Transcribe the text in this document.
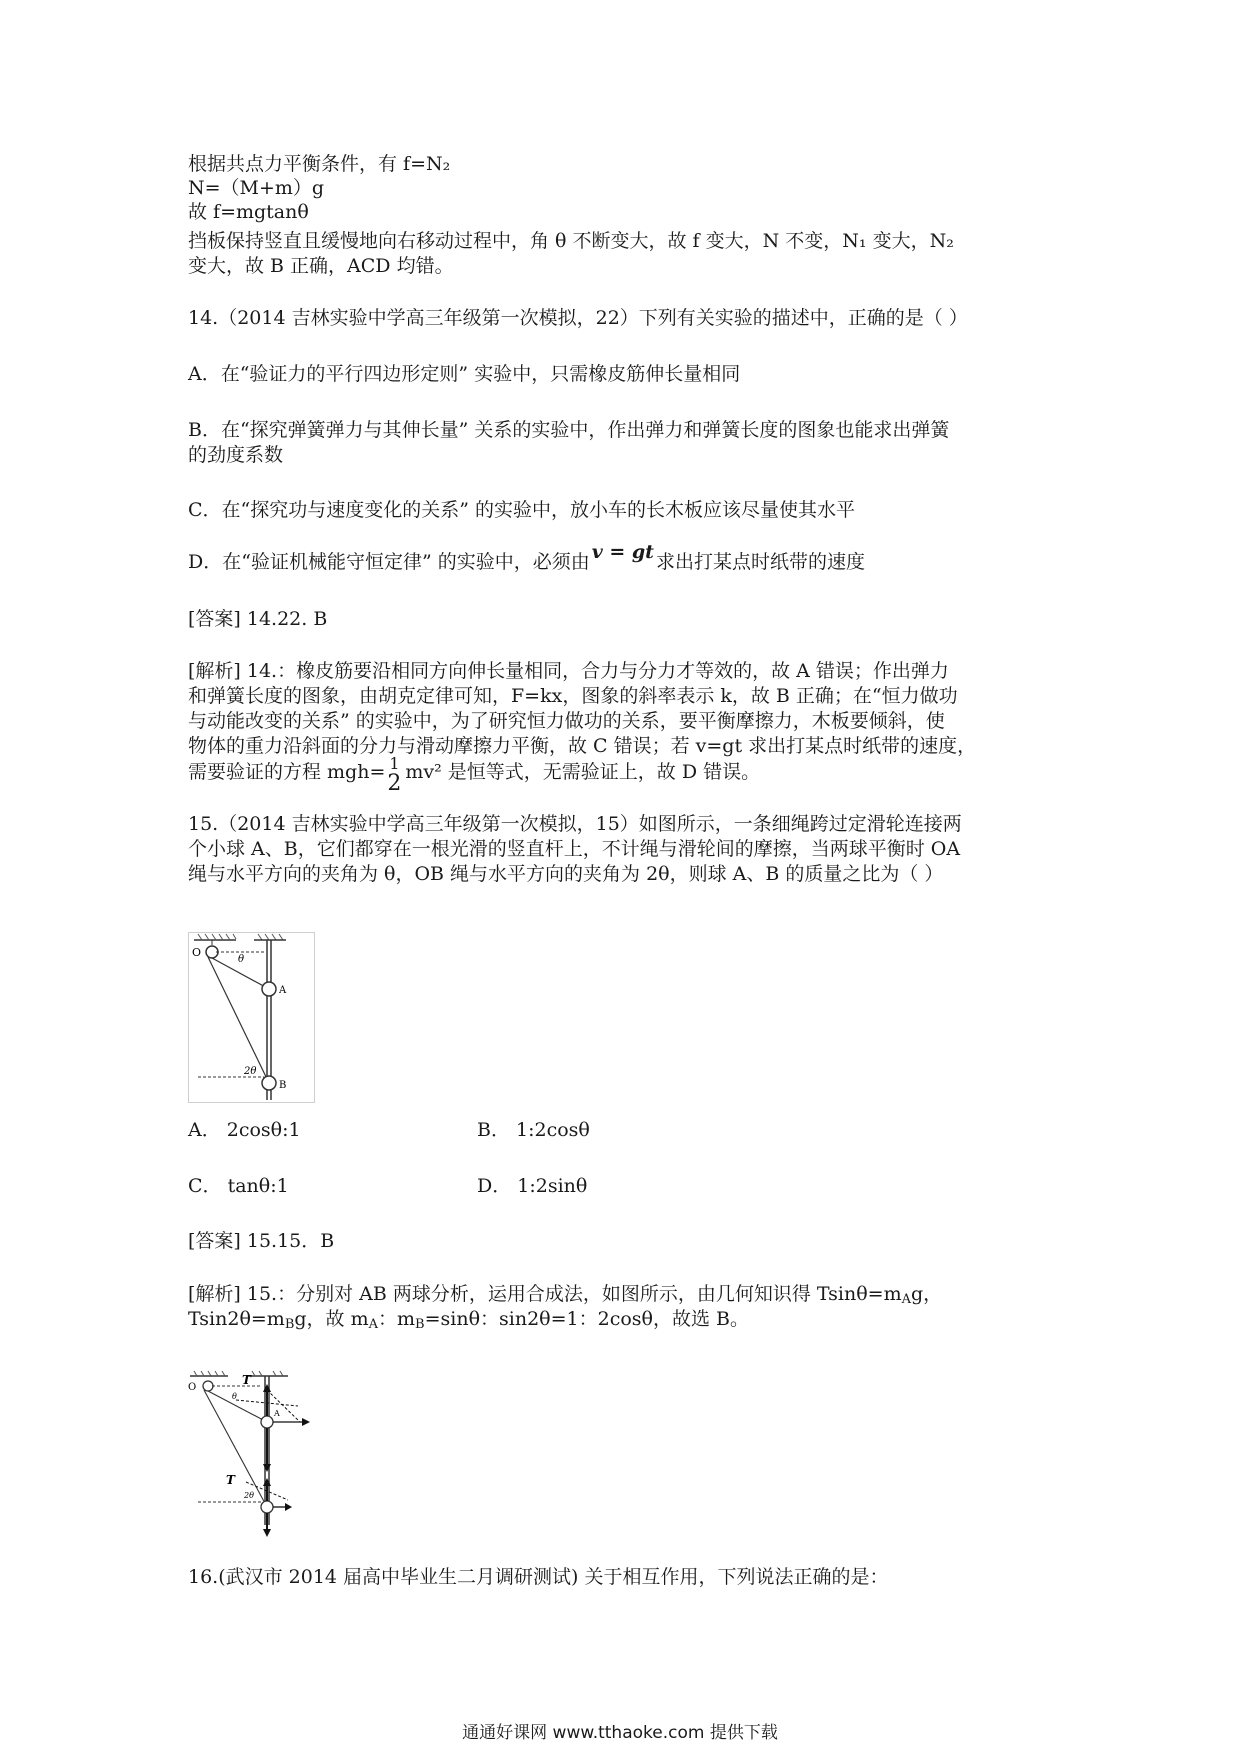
根据共点力平衡条件，有 f=N₂
N=（M+m）g
故 f=mgtanθ
挡板保持竖直且缓慢地向右移动过程中，角 θ 不断变大，故 f 变大，N 不变，N₁ 变大，N₂
变大，故 B 正确，ACD 均错。
14.（2014 吉林实验中学高三年级第一次模拟，22）下列有关实验的描述中，正确的是（ ）
A．在“验证力的平行四边形定则” 实验中，只需橡皮筋伸长量相同
B．在“探究弹簧弹力与其伸长量” 关系的实验中，作出弹力和弹簧长度的图象也能求出弹簧
的劲度系数
C．在“探究功与速度变化的关系” 的实验中，放小车的长木板应该尽量使其水平
D．在“验证机械能守恒定律” 的实验中，必须由 v = gt 求出打某点时纸带的速度
[答案] 14.22. B
[解析] 14.：橡皮筋要沿相同方向伸长量相同，合力与分力才等效的，故 A 错误；作出弹力
和弹簧长度的图象，由胡克定律可知，F=kx，图象的斜率表示 k，故 B 正确；在“恒力做功
与动能改变的关系” 的实验中，为了研究恒力做功的关系，要平衡摩擦力，木板要倾斜，使
物体的重力沿斜面的分力与滑动摩擦力平衡，故 C 错误；若 v=gt 求出打某点时纸带的速度，
需要验证的方程 mgh= 1
2 mv² 是恒等式，无需验证上，故 D 错误。
15.（2014 吉林实验中学高三年级第一次模拟，15）如图所示，一条细绳跨过定滑轮连接两
个小球 A、B，它们都穿在一根光滑的竖直杆上，不计绳与滑轮间的摩擦，当两球平衡时 OA
绳与水平方向的夹角为 θ，OB 绳与水平方向的夹角为 2θ，则球 A、B 的质量之比为（ ）
O
θ
A
2θ
B
A． 2cosθ:1	B． 1:2cosθ
C． tanθ:1	D． 1:2sinθ
[答案] 15.15．B
[解析] 15.：分别对 AB 两球分析，运用合成法，如图所示，由几何知识得 $Tsin\theta=m_Ag$，
$Tsin2\theta=m_Bg$，故 $m_A$：$m_B=\sin\theta$：sin2θ=1：2cosθ，故选 B。
O
T
θ
A
T
2θ
16.(武汉市 2014 届高中毕业生二月调研测试) 关于相互作用，下列说法正确的是：
通通好课网 www.tthaoke.com 提供下载
